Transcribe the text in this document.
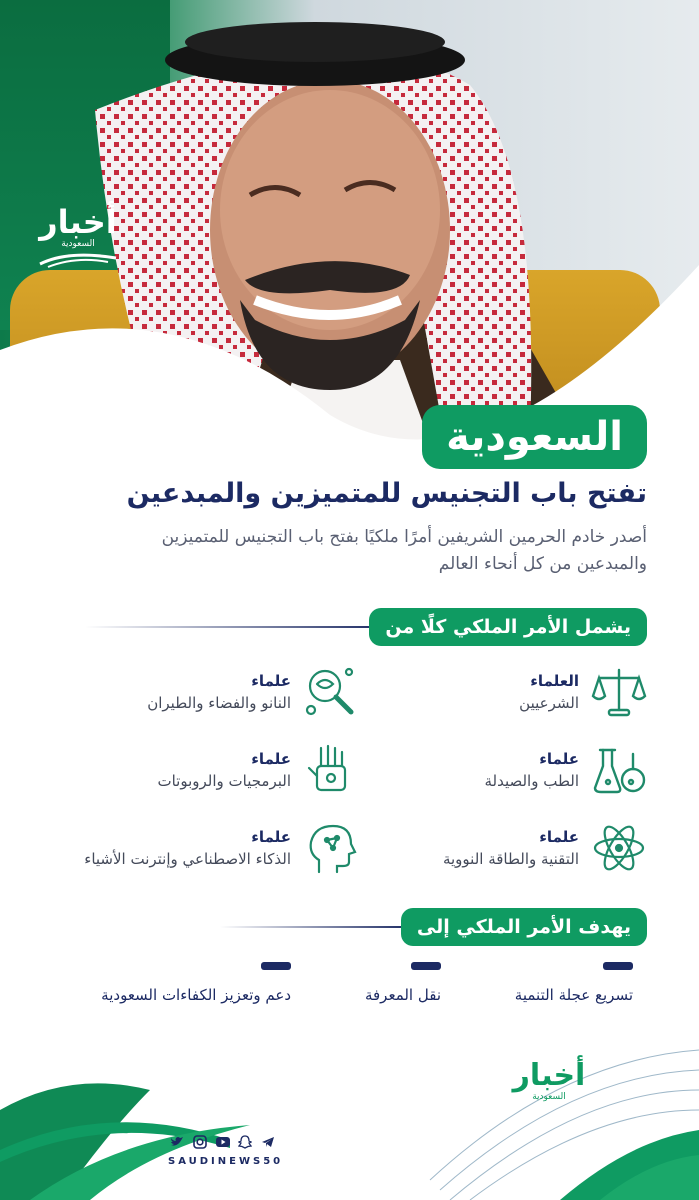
أخبار
السعودية
السعودية
تفتح باب التجنيس للمتميزين والمبدعين
أصدر خادم الحرمين الشريفين أمرًا ملكيًا بفتح باب التجنيس للمتميزين
والمبدعين من كل أنحاء العالم
يشمل الأمر الملكي كلًا من
العلماء
الشرعيين
علماء
الطب والصيدلة
علماء
التقنية والطاقة النووية
علماء
النانو والفضاء والطيران
علماء
البرمجيات والروبوتات
علماء
الذكاء الاصطناعي وإنترنت الأشياء
يهدف الأمر الملكي إلى
تسريع عجلة التنمية
نقل المعرفة
دعم وتعزيز الكفاءات السعودية
أخبار
السعودية
SAUDINEWS50
